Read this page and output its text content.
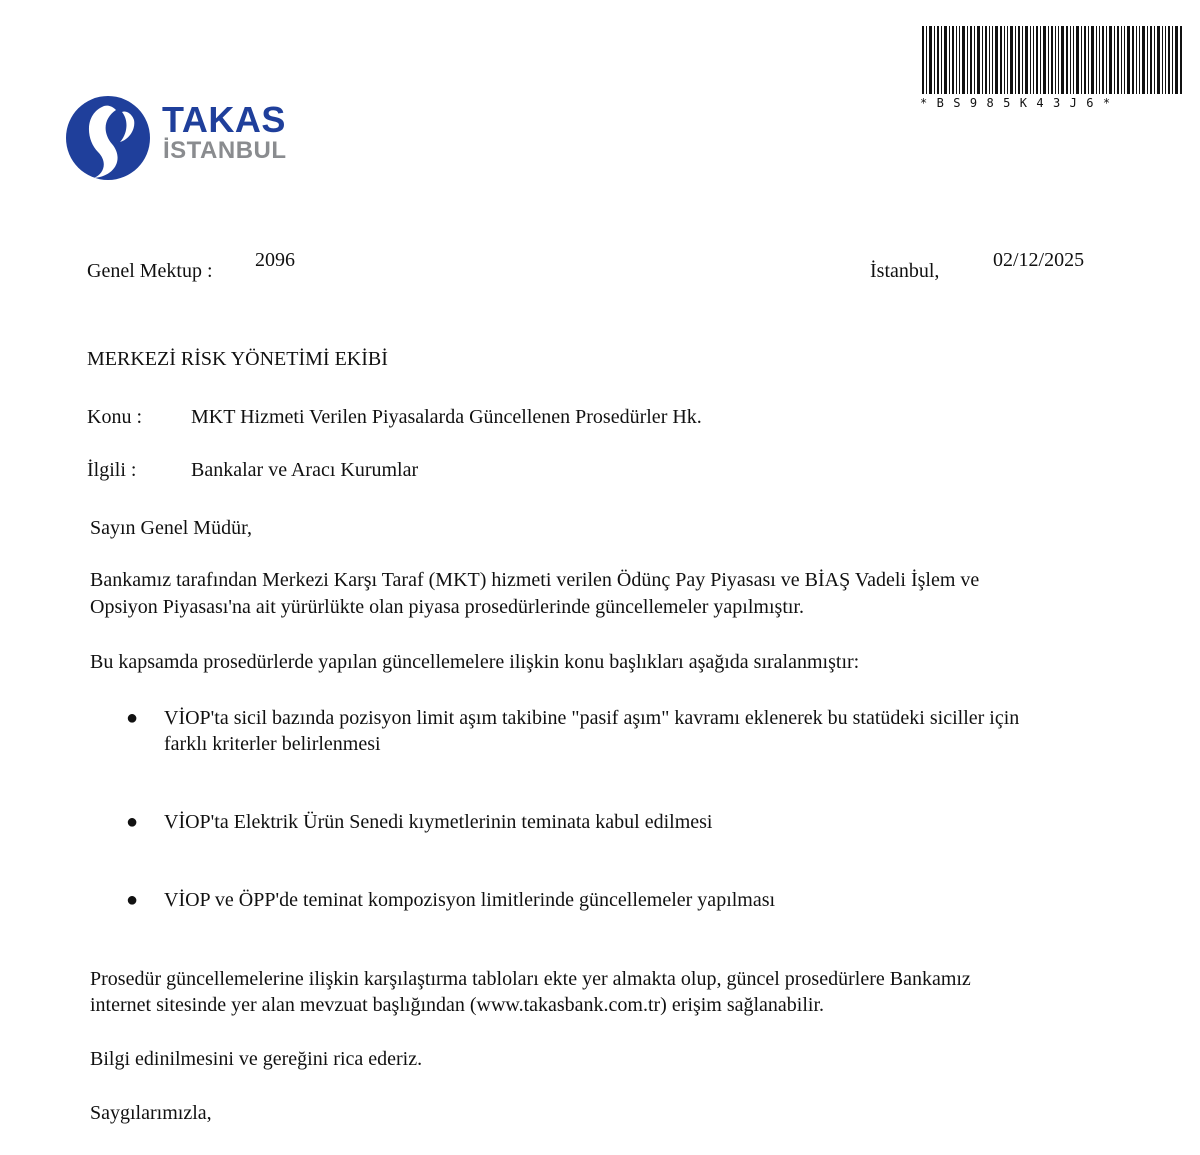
TAKAS
İSTANBUL
*BS985K43J6*
Genel Mektup : 2096	İstanbul,	02/12/2025
MERKEZİ RİSK YÖNETİMİ EKİBİ
Konu : MKT Hizmeti Verilen Piyasalarda Güncellenen Prosedürler Hk.
İlgili :	Bankalar ve Aracı Kurumlar
Sayın Genel Müdür,
Bankamız tarafından Merkezi Karşı Taraf (MKT) hizmeti verilen Ödünç Pay Piyasası ve BİAŞ Vadeli İşlem ve
Opsiyon Piyasası'na ait yürürlükte olan piyasa prosedürlerinde güncellemeler yapılmıştır.
Bu kapsamda prosedürlerde yapılan güncellemelere ilişkin konu başlıkları aşağıda sıralanmıştır:
●	VİOP'ta sicil bazında pozisyon limit aşım takibine "pasif aşım" kavramı eklenerek bu statüdeki siciller için
farklı kriterler belirlenmesi
●	VİOP'ta Elektrik Ürün Senedi kıymetlerinin teminata kabul edilmesi
●	VİOP ve ÖPP'de teminat kompozisyon limitlerinde güncellemeler yapılması
Prosedür güncellemelerine ilişkin karşılaştırma tabloları ekte yer almakta olup, güncel prosedürlere Bankamız
internet sitesinde yer alan mevzuat başlığından (www.takasbank.com.tr) erişim sağlanabilir.
Bilgi edinilmesini ve gereğini rica ederiz.
Saygılarımızla,
